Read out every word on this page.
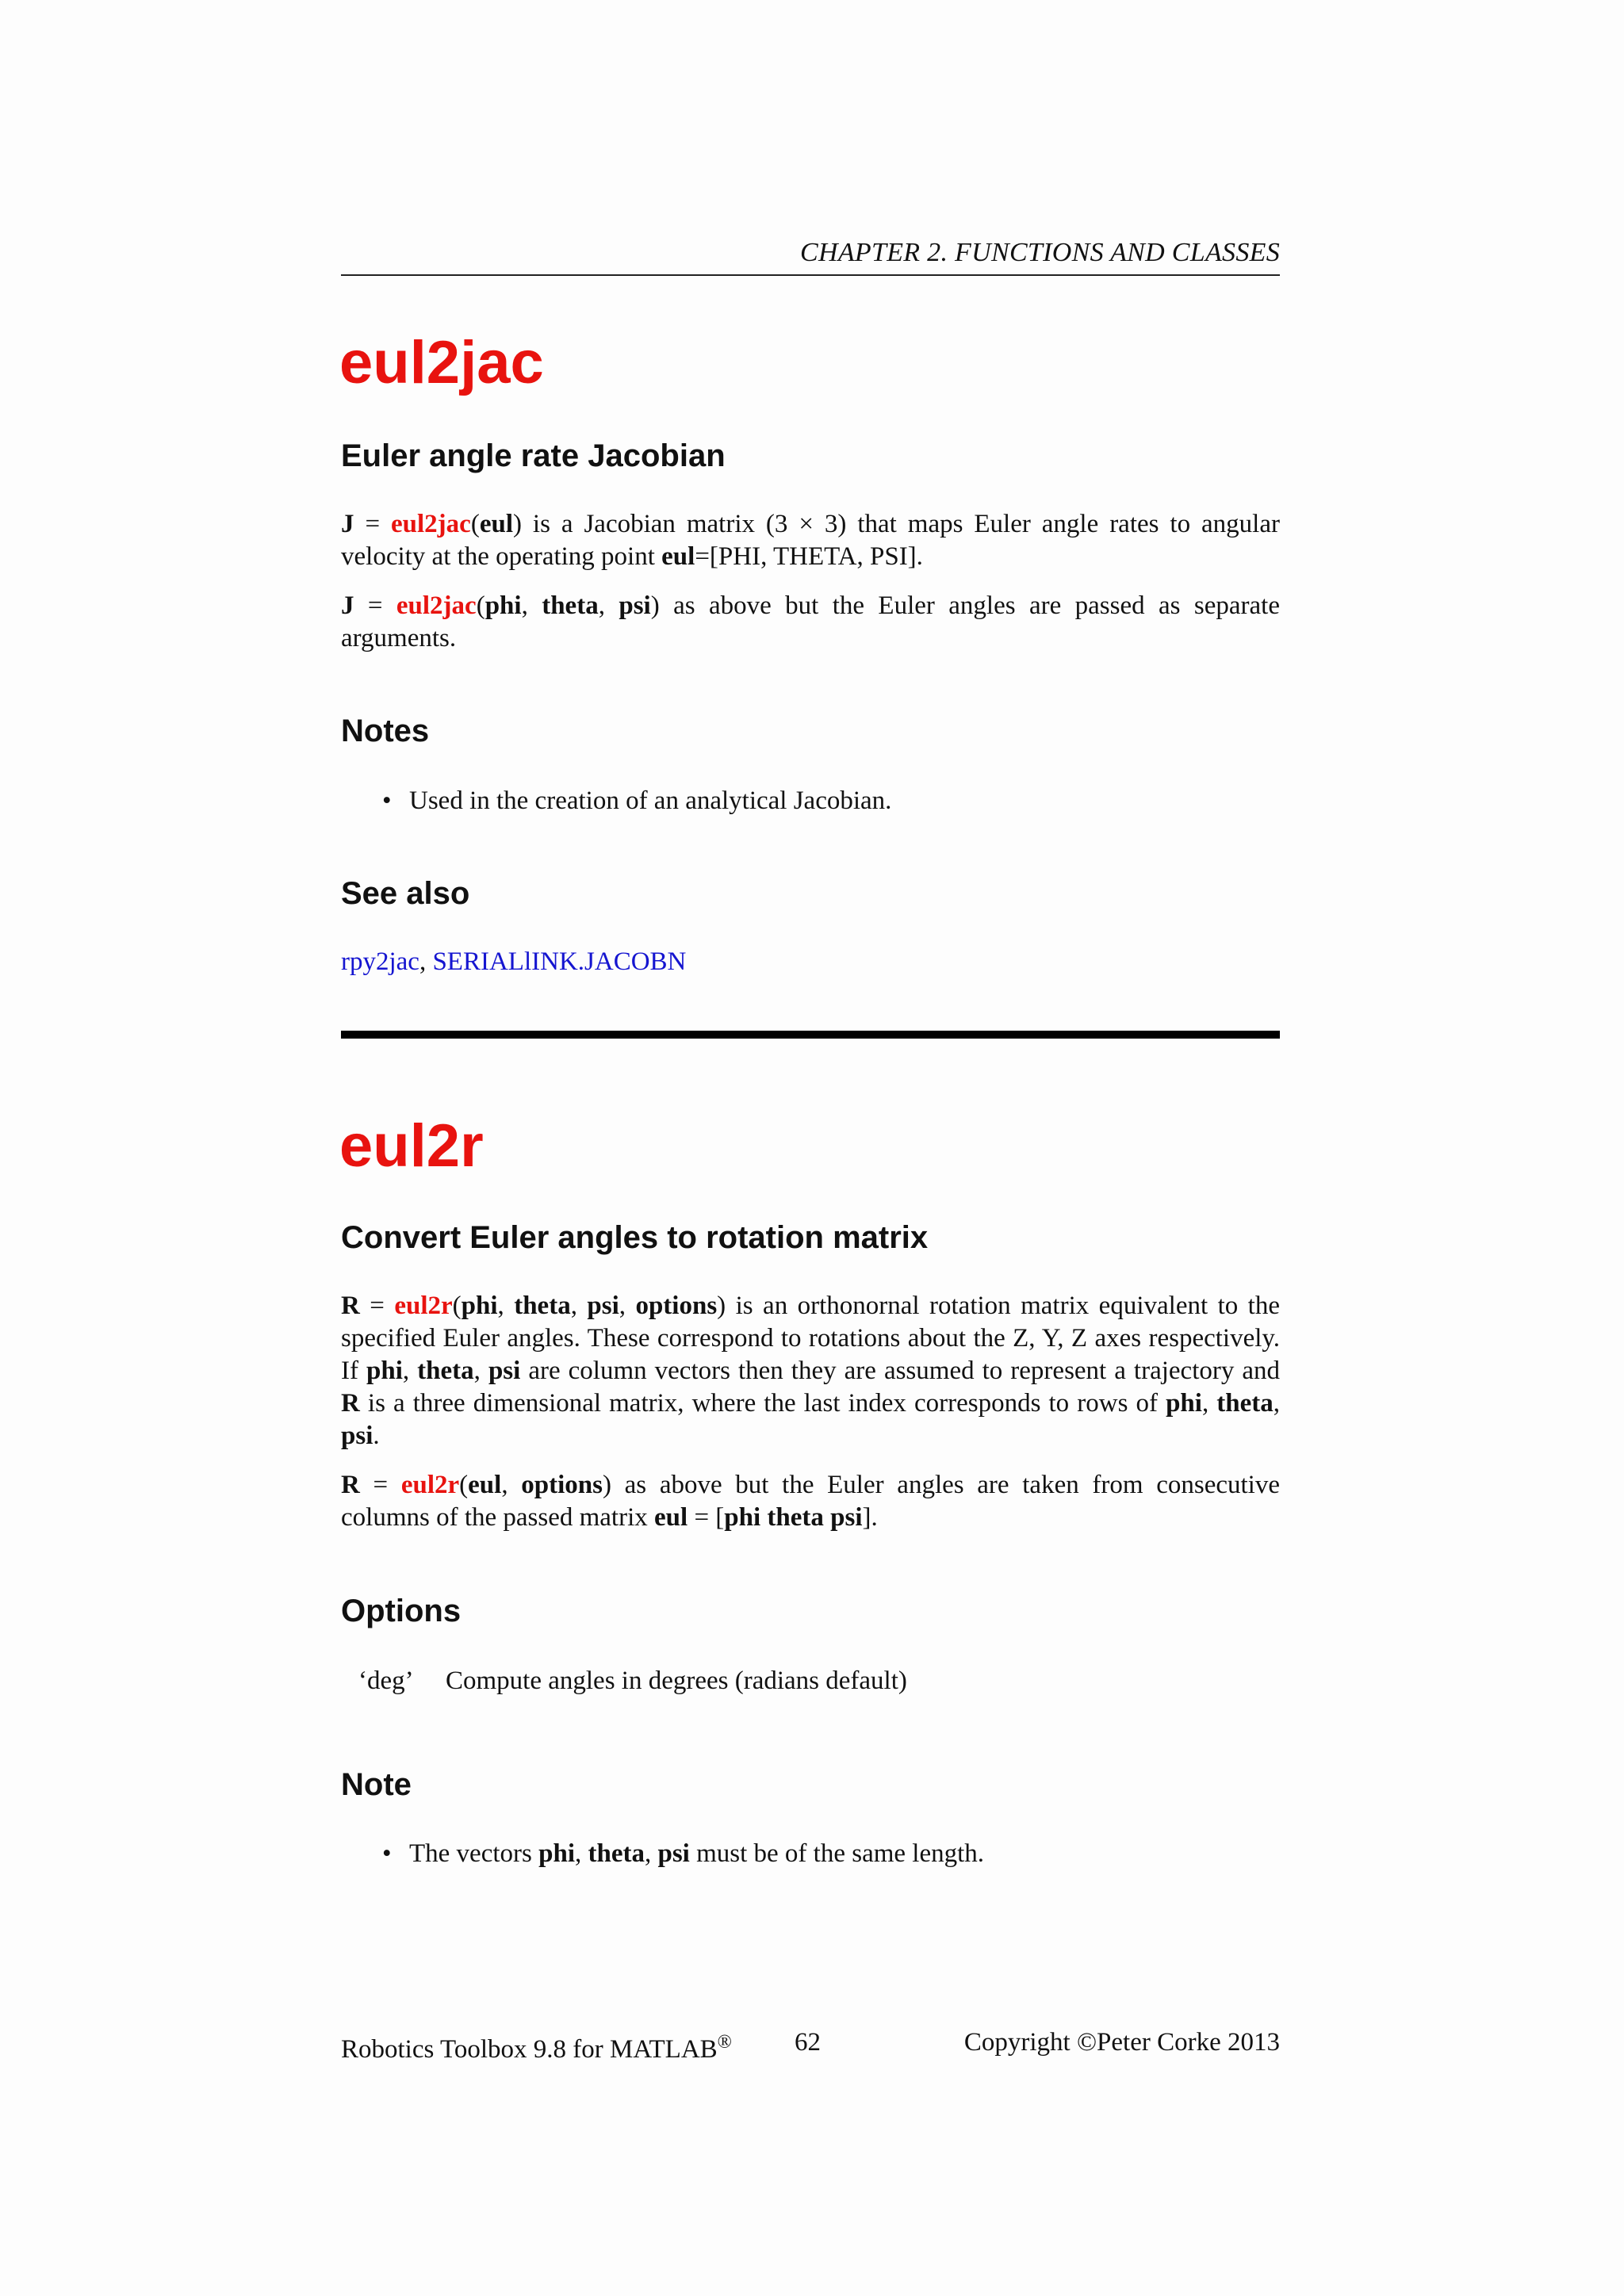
CHAPTER 2. FUNCTIONS AND CLASSES
eul2jac
Euler angle rate Jacobian

J = eul2jac(eul) is a Jacobian matrix (3 × 3) that maps Euler angle rates to angular velocity at the operating point eul=[PHI, THETA, PSI].

J = eul2jac(phi, theta, psi) as above but the Euler angles are passed as separate arguments.

Notes

• Used in the creation of an analytical Jacobian.

See also

rpy2jac, SERIALlINK.JACOBN

eul2r
Convert Euler angles to rotation matrix

R = eul2r(phi, theta, psi, options) is an orthonornal rotation matrix equivalent to the specified Euler angles. These correspond to rotations about the Z, Y, Z axes respectively. If phi, theta, psi are column vectors then they are assumed to represent a trajectory and R is a three dimensional matrix, where the last index corresponds to rows of phi, theta, psi.

R = eul2r(eul, options) as above but the Euler angles are taken from consecutive columns of the passed matrix eul = [phi theta psi].

Options
‘deg’ Compute angles in degrees (radians default)
Note

• The vectors phi, theta, psi must be of the same length.

Robotics Toolbox 9.8 for MATLAB® 62	Copyright ©Peter Corke 2013
